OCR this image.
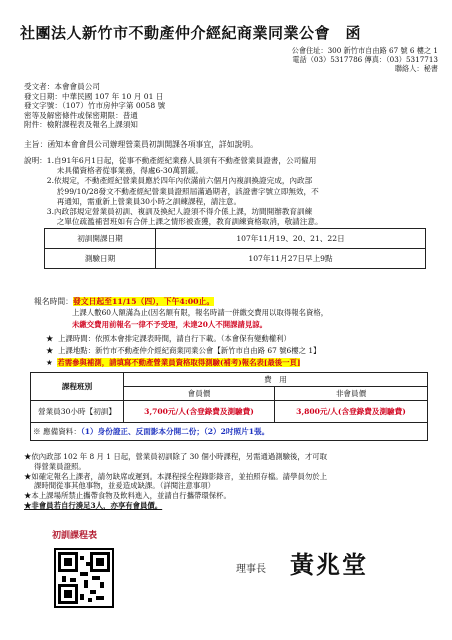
社團法人新竹市不動產仲介經紀商業同業公會　函
公會住址：300 新竹市自由路 67 號 6 樓之 1
電話（03）5317786 傳真：（03）5317713
聯絡人：秘書
受文者：本會會員公司
發文日期：中華民國 107 年 10 月 01 日
發文字號：（107）竹市房仲字第 0058 號
密等及解密條件或保密期限：普通
附件：檢附課程表及報名上課須知
主旨：函知本會會員公司辦理營業員初訓開課各項事宜，詳如說明。
說明： 1.自91年6月1日起，從事不動產經紀業務人員須有不動產營業員證書，公司僱用
未具備資格者從事業務，得處6-30萬罰鍰。
2.依規定，不動產經紀營業員應於四年內依滿前六個月內複訓換證完成，內政部
於99/10/28發文不動產經紀營業員證照屆滿過期者，該證書字號立即無效，不
再通知，需重新上營業員30小時之訓練課程，請注意。
3.內政部規定營業員初訓、複訓及換紀人證須不得介係上課，坊間開辦教育訓練
之單位疏濫補習班如有合併上課之情形被查獲，教育訓練資格取消，敬請注意。
初訓開課日期	107年11月19、20、21、22日
測驗日期	107年11月27日早上9點
報名時間：發文日起至11/15（四），下午4:00止。
上課人數60人額滿為止(因名額有限，報名時請一併繳交費用以取得報名資格，
未繳交費用前報名一律不予受理，未達20人不開課請見諒。
★ 上課時間：依照本會排定課表時間，請自行下載。（本會保有變動權利）
★ 上課地點：新竹市不動產仲介經紀商業同業公會【新竹市自由路 67 號6樓之 1】
★ 若需參與補測，請填寫不動產營業員資格取得測驗(補考)報名表[最後一頁]
課程班別	費　用	
	會員價	非會員價
營業員30小時【初訓】	3,700元/人(含登錄費及測驗費)	3,800元/人(含登錄費及測驗費)
※ 應備資料：（1）身份證正、反面影本分開二份；（2）2吋照片1張。		
★依內政部 102 年 8 月 1 日起，營業員初訓除了 30 個小時課程，另需通過測驗後，才可取
得營業員證照。
★如確定報名上課者，請勿缺席或遲到。本課程採全程錄影錄音，並拍照存檔。請學員勿於上
課時間從事其他事物，並爰造成缺課。（詳閱注意事項）
★本上課場所禁止攜帶食物及飲料進入，並請自行攜帶環保杯。
★非會員若自行湊足3人，亦享有會員價。
初訓課程表
理事長 黃兆堂
